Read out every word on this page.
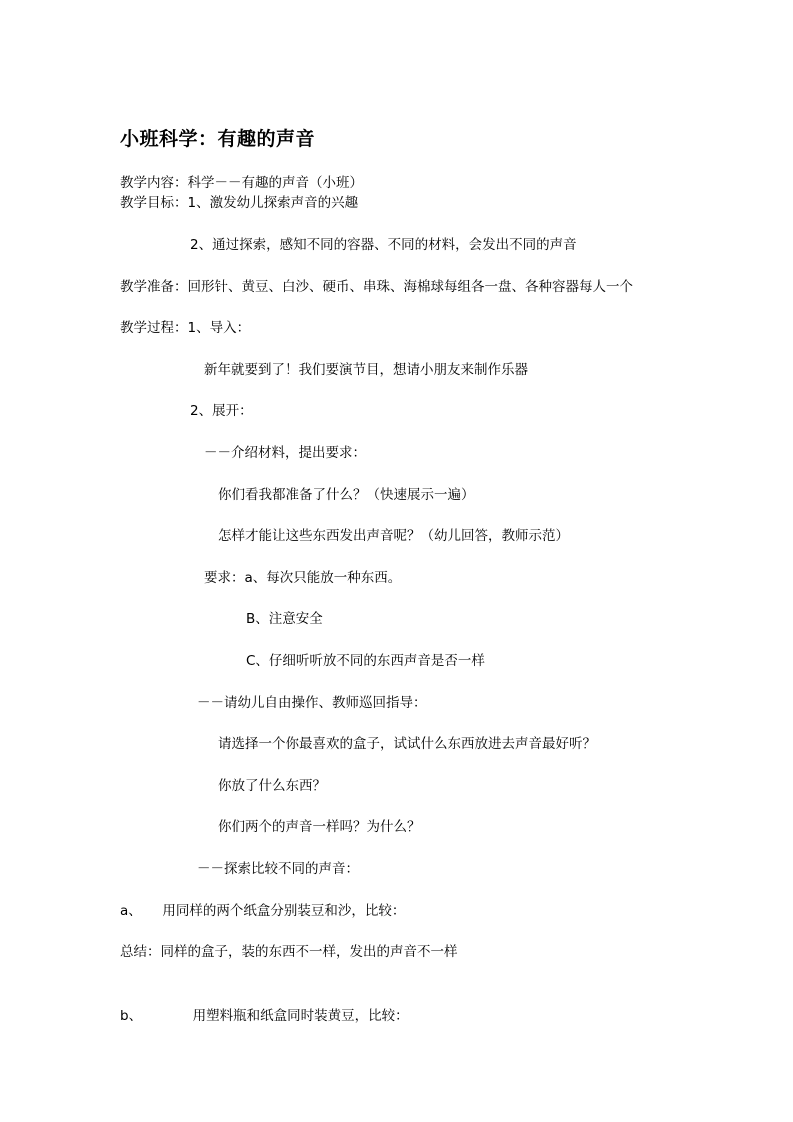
小班科学：有趣的声音
教学内容：科学－－有趣的声音（小班）
教学目标：1、激发幼儿探索声音的兴趣
2、通过探索，感知不同的容器、不同的材料，会发出不同的声音
教学准备：回形针、黄豆、白沙、硬币、串珠、海棉球每组各一盘、各种容器每人一个
教学过程：1、导入：
新年就要到了！我们要演节目，想请小朋友来制作乐器
2、展开：
－－介绍材料，提出要求：
你们看我都准备了什么？（快速展示一遍）
怎样才能让这些东西发出声音呢？（幼儿回答，教师示范）
要求：a、每次只能放一种东西。
B、注意安全
C、仔细听听放不同的东西声音是否一样
－－请幼儿自由操作、教师巡回指导：
请选择一个你最喜欢的盒子，试试什么东西放进去声音最好听？
你放了什么东西？
你们两个的声音一样吗？为什么？
－－探索比较不同的声音：
a、 用同样的两个纸盒分别装豆和沙，比较：
总结：同样的盒子，装的东西不一样，发出的声音不一样
b、	用塑料瓶和纸盒同时装黄豆，比较：
